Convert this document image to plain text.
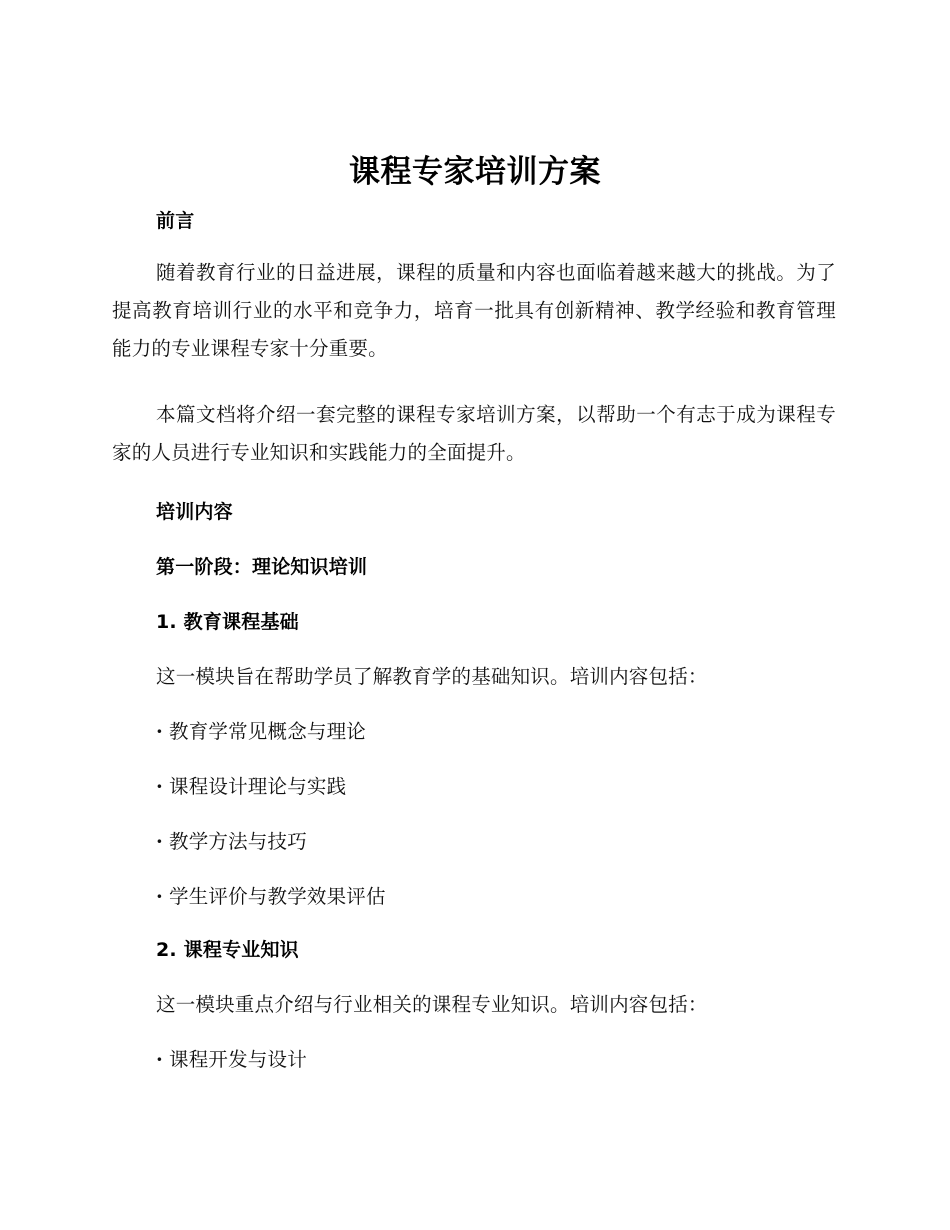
课程专家培训方案

前言

随着教育行业的日益进展，课程的质量和内容也面临着越来越大的挑战。为了提高教育培训行业的水平和竞争力，培育一批具有创新精神、教学经验和教育管理能力的专业课程专家十分重要。

本篇文档将介绍一套完整的课程专家培训方案，以帮助一个有志于成为课程专家的人员进行专业知识和实践能力的全面提升。

培训内容

第一阶段：理论知识培训

1. 教育课程基础

这一模块旨在帮助学员了解教育学的基础知识。培训内容包括：

· 教育学常见概念与理论

· 课程设计理论与实践

· 教学方法与技巧

· 学生评价与教学效果评估

2. 课程专业知识

这一模块重点介绍与行业相关的课程专业知识。培训内容包括：

· 课程开发与设计
